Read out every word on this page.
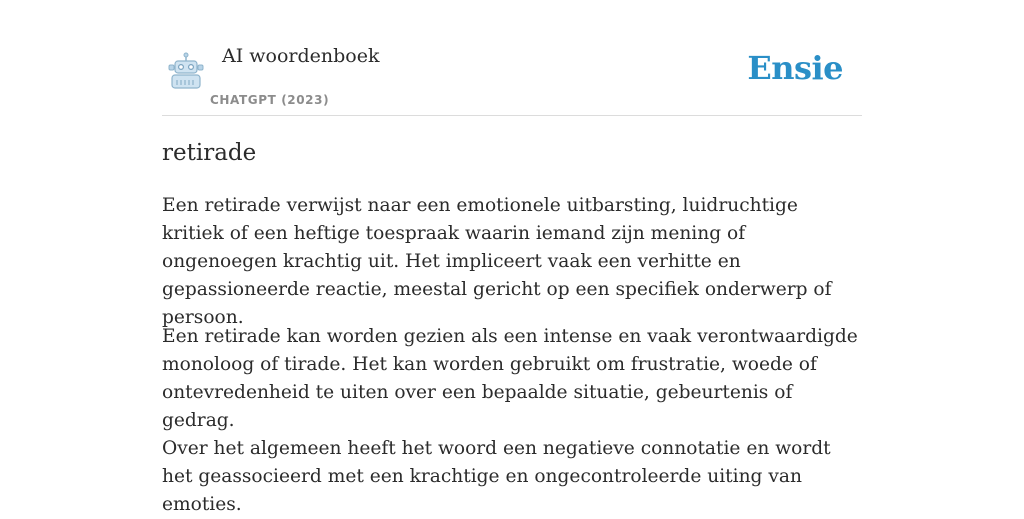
AI woordenboek
CHATGPT (2023)
Ensie
retirade

Een retirade verwijst naar een emotionele uitbarsting, luidruchtige kritiek of een heftige toespraak waarin iemand zijn mening of ongenoegen krachtig uit. Het impliceert vaak een verhitte en gepassioneerde reactie, meestal gericht op een specifiek onderwerp of persoon.

Een retirade kan worden gezien als een intense en vaak verontwaardigde monoloog of tirade. Het kan worden gebruikt om frustratie, woede of ontevredenheid te uiten over een bepaalde situatie, gebeurtenis of gedrag.

Over het algemeen heeft het woord een negatieve connotatie en wordt het geassocieerd met een krachtige en ongecontroleerde uiting van emoties.
